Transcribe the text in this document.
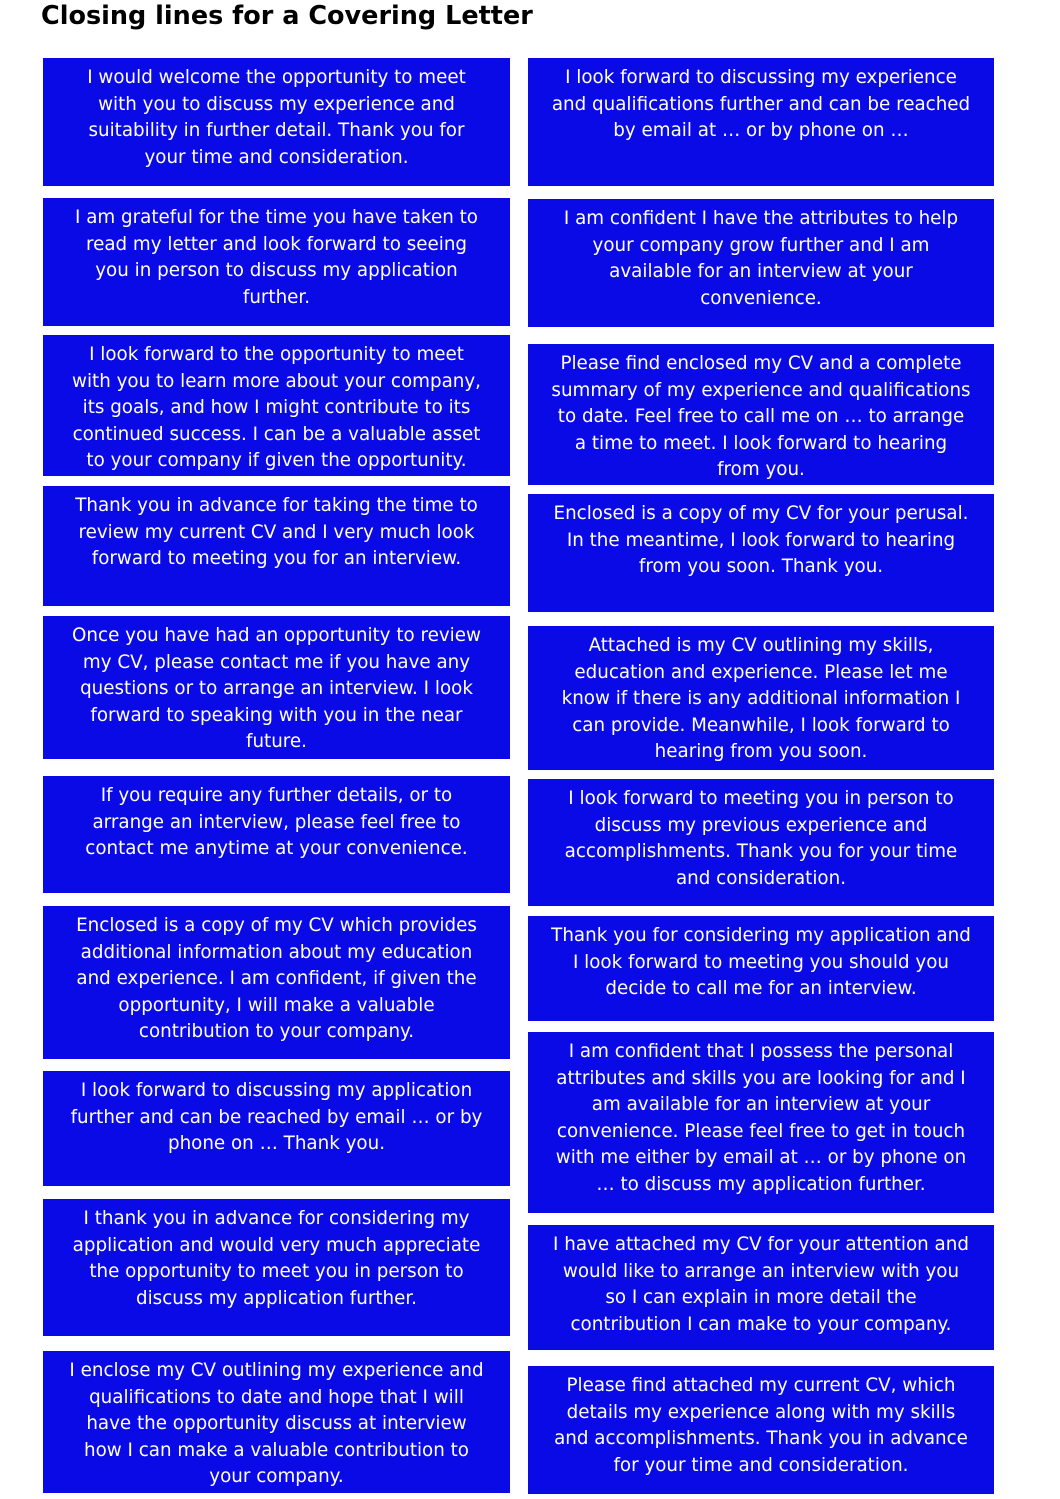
Closing lines for a Covering Letter
I would welcome the opportunity to meet
with you to discuss my experience and
suitability in further detail. Thank you for
your time and consideration.
I am grateful for the time you have taken to
read my letter and look forward to seeing
you in person to discuss my application
further.
I look forward to the opportunity to meet
with you to learn more about your company,
its goals, and how I might contribute to its
continued success. I can be a valuable asset
to your company if given the opportunity.
Thank you in advance for taking the time to
review my current CV and I very much look
forward to meeting you for an interview.
Once you have had an opportunity to review
my CV, please contact me if you have any
questions or to arrange an interview. I look
forward to speaking with you in the near
future.
If you require any further details, or to
arrange an interview, please feel free to
contact me anytime at your convenience.
Enclosed is a copy of my CV which provides
additional information about my education
and experience. I am confident, if given the
opportunity, I will make a valuable
contribution to your company.
I look forward to discussing my application
further and can be reached by email … or by
phone on … Thank you.
I thank you in advance for considering my
application and would very much appreciate
the opportunity to meet you in person to
discuss my application further.
I enclose my CV outlining my experience and
qualifications to date and hope that I will
have the opportunity discuss at interview
how I can make a valuable contribution to
your company.
I look forward to discussing my experience
and qualifications further and can be reached
by email at … or by phone on …
I am confident I have the attributes to help
your company grow further and I am
available for an interview at your
convenience.
Please find enclosed my CV and a complete
summary of my experience and qualifications
to date. Feel free to call me on … to arrange
a time to meet. I look forward to hearing
from you.
Enclosed is a copy of my CV for your perusal.
In the meantime, I look forward to hearing
from you soon. Thank you.
Attached is my CV outlining my skills,
education and experience. Please let me
know if there is any additional information I
can provide. Meanwhile, I look forward to
hearing from you soon.
I look forward to meeting you in person to
discuss my previous experience and
accomplishments. Thank you for your time
and consideration.
Thank you for considering my application and
I look forward to meeting you should you
decide to call me for an interview.
I am confident that I possess the personal
attributes and skills you are looking for and I
am available for an interview at your
convenience. Please feel free to get in touch
with me either by email at … or by phone on
… to discuss my application further.
I have attached my CV for your attention and
would like to arrange an interview with you
so I can explain in more detail the
contribution I can make to your company.
Please find attached my current CV, which
details my experience along with my skills
and accomplishments. Thank you in advance
for your time and consideration.
